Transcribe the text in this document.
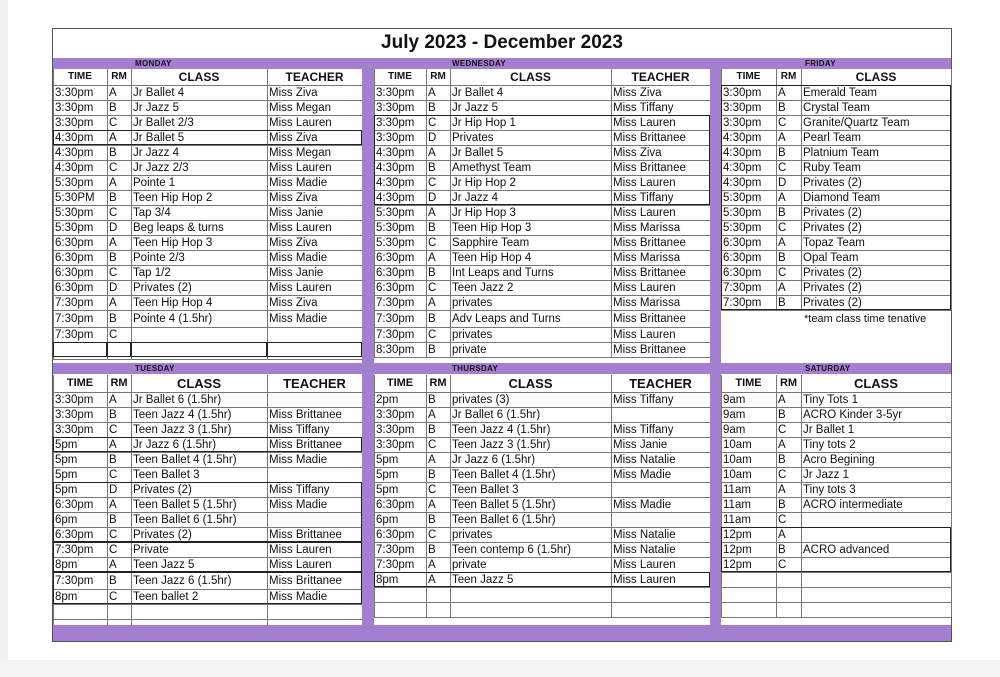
July 2023 - December 2023
MONDAY
TIME	RM	CLASS	TEACHER
3:30pm	A	Jr Ballet 4	Miss Ziva
3:30pm	B	Jr Jazz 5	Miss Megan
3:30pm	C	Jr Ballet 2/3	Miss Lauren
4:30pm	A	Jr Ballet 5	Miss Ziva
4:30pm	B	Jr Jazz 4	Miss Megan
4:30pm	C	Jr Jazz 2/3	Miss Lauren
5:30pm	A	Pointe 1	Miss Madie
5:30PM	B	Teen Hip Hop 2	Miss Ziva
5:30pm	C	Tap 3/4	Miss Janie
5:30pm	D	Beg leaps & turns	Miss Lauren
6:30pm	A	Teen Hip Hop 3	Miss Ziva
6:30pm	B	Pointe 2/3	Miss Madie
6:30pm	C	Tap 1/2	Miss Janie
6:30pm	D	Privates (2)	Miss Lauren
7:30pm	A	Teen Hip Hop 4	Miss Ziva
7:30pm	B	Pointe 4 (1.5hr)	Miss Madie
7:30pm	C
WEDNESDAY
TIME	RM	CLASS	TEACHER
3:30pm	A	Jr Ballet 4	Miss Ziva
3:30pm	B	Jr Jazz 5	Miss Tiffany
3:30pm	C	Jr Hip Hop 1	Miss Lauren
3:30pm	D	Privates	Miss Brittanee
4:30pm	A	Jr Ballet 5	Miss Ziva
4:30pm	B	Amethyst Team	Miss Brittanee
4:30pm	C	Jr Hip Hop 2	Miss Lauren
4:30pm	D	Jr Jazz 4	Miss Tiffany
5:30pm	A	Jr Hip Hop 3	Miss Lauren
5:30pm	B	Teen Hip Hop 3	Miss Marissa
5:30pm	C	Sapphire Team	Miss Brittanee
6:30pm	A	Teen Hip Hop 4	Miss Marissa
6:30pm	B	Int Leaps and Turns	Miss Brittanee
6:30pm	C	Teen Jazz 2	Miss Lauren
7:30pm	A	privates	Miss Marissa
7:30pm	B	Adv Leaps and Turns	Miss Brittanee
7:30pm	C	privates	Miss Lauren
8:30pm	B	private	Miss Brittanee
FRIDAY
TIME	RM	CLASS
3:30pm	A	Emerald Team
3:30pm	B	Crystal Team
3:30pm	C	Granite/Quartz Team
4:30pm	A	Pearl Team
4:30pm	B	Platnium Team
4:30pm	C	Ruby Team
4:30pm	D	Privates (2)
5:30pm	A	Diamond Team
5:30pm	B	Privates (2)
5:30pm	C	Privates (2)
6:30pm	A	Topaz Team
6:30pm	B	Opal Team
6:30pm	C	Privates (2)
7:30pm	A	Privates (2)
7:30pm	B	Privates (2)
*team class time tenative
TUESDAY
TIME	RM	CLASS	TEACHER
3:30pm	A	Jr Ballet 6 (1.5hr)
3:30pm	B	Teen Jazz 4 (1.5hr)	Miss Brittanee
3:30pm	C	Teen Jazz 3 (1.5hr)	Miss Tiffany
5pm	A	Jr Jazz 6 (1.5hr)	Miss Brittanee
5pm	B	Teen Ballet 4 (1.5hr)	Miss Madie
5pm	C	Teen Ballet 3
5pm	D	Privates (2)	Miss Tiffany
6:30pm	A	Teen Ballet 5 (1.5hr)	Miss Madie
6pm	B	Teen Ballet 6 (1.5hr)
6:30pm	C	Privates (2)	Miss Brittanee
7:30pm	C	Private	Miss Lauren
8pm	A	Teen Jazz 5	Miss Lauren
7:30pm	B	Teen Jazz 6 (1.5hr)	Miss Brittanee
8pm	C	Teen ballet 2	Miss Madie
THURSDAY
TIME	RM	CLASS	TEACHER
2pm	B	privates (3)	Miss Tiffany
3:30pm	A	Jr Ballet 6 (1.5hr)
3:30pm	B	Teen Jazz 4 (1.5hr)	Miss Tiffany
3:30pm	C	Teen Jazz 3 (1.5hr)	Miss Janie
5pm	A	Jr Jazz 6 (1.5hr)	Miss Natalie
5pm	B	Teen Ballet 4 (1.5hr)	Miss Madie
5pm	C	Teen Ballet 3
6:30pm	A	Teen Ballet 5 (1.5hr)	Miss Madie
6pm	B	Teen Ballet 6 (1.5hr)
6:30pm	C	privates	Miss Natalie
7:30pm	B	Teen contemp 6 (1.5hr)	Miss Natalie
7:30pm	A	private	Miss Lauren
8pm	A	Teen Jazz 5	Miss Lauren
SATURDAY
TIME	RM	CLASS
9am	A	Tiny Tots 1
9am	B	ACRO Kinder 3-5yr
9am	C	Jr Ballet 1
10am	A	Tiny tots 2
10am	B	Acro Begining
10am	C	Jr Jazz 1
11am	A	Tiny tots 3
11am	B	ACRO intermediate
11am	C
12pm	A
12pm	B	ACRO advanced
12pm	C
